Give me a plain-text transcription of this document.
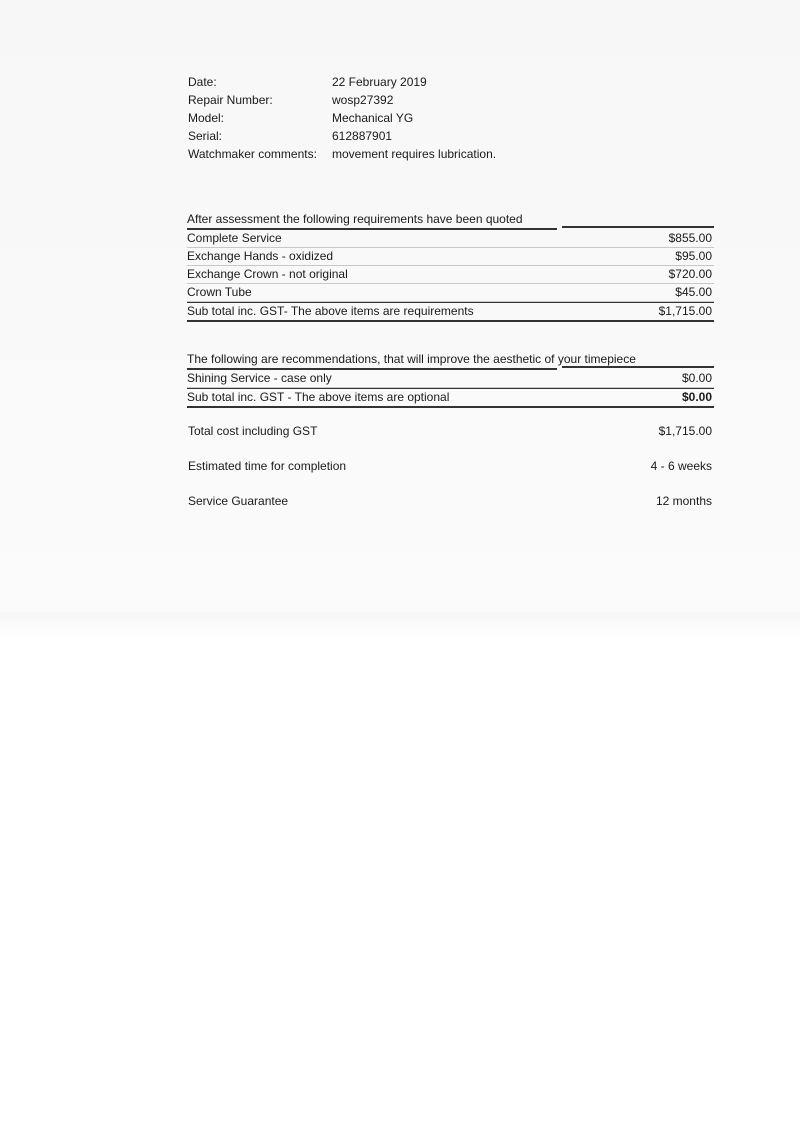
Date:	22 February 2019
Repair Number:	wosp27392
Model:	Mechanical YG
Serial:	612887901
Watchmaker comments:	movement requires lubrication.
After assessment the following requirements have been quoted
Complete Service	$855.00
Exchange Hands - oxidized	$95.00
Exchange Crown - not original	$720.00
Crown Tube	$45.00
Sub total inc. GST- The above items are requirements	$1,715.00
The following are recommendations, that will improve the aesthetic of your timepiece
Shining Service - case only	$0.00
Sub total inc. GST - The above items are optional	$0.00
Total cost including GST	$1,715.00
Estimated time for completion	4 - 6 weeks
Service Guarantee	12 months
